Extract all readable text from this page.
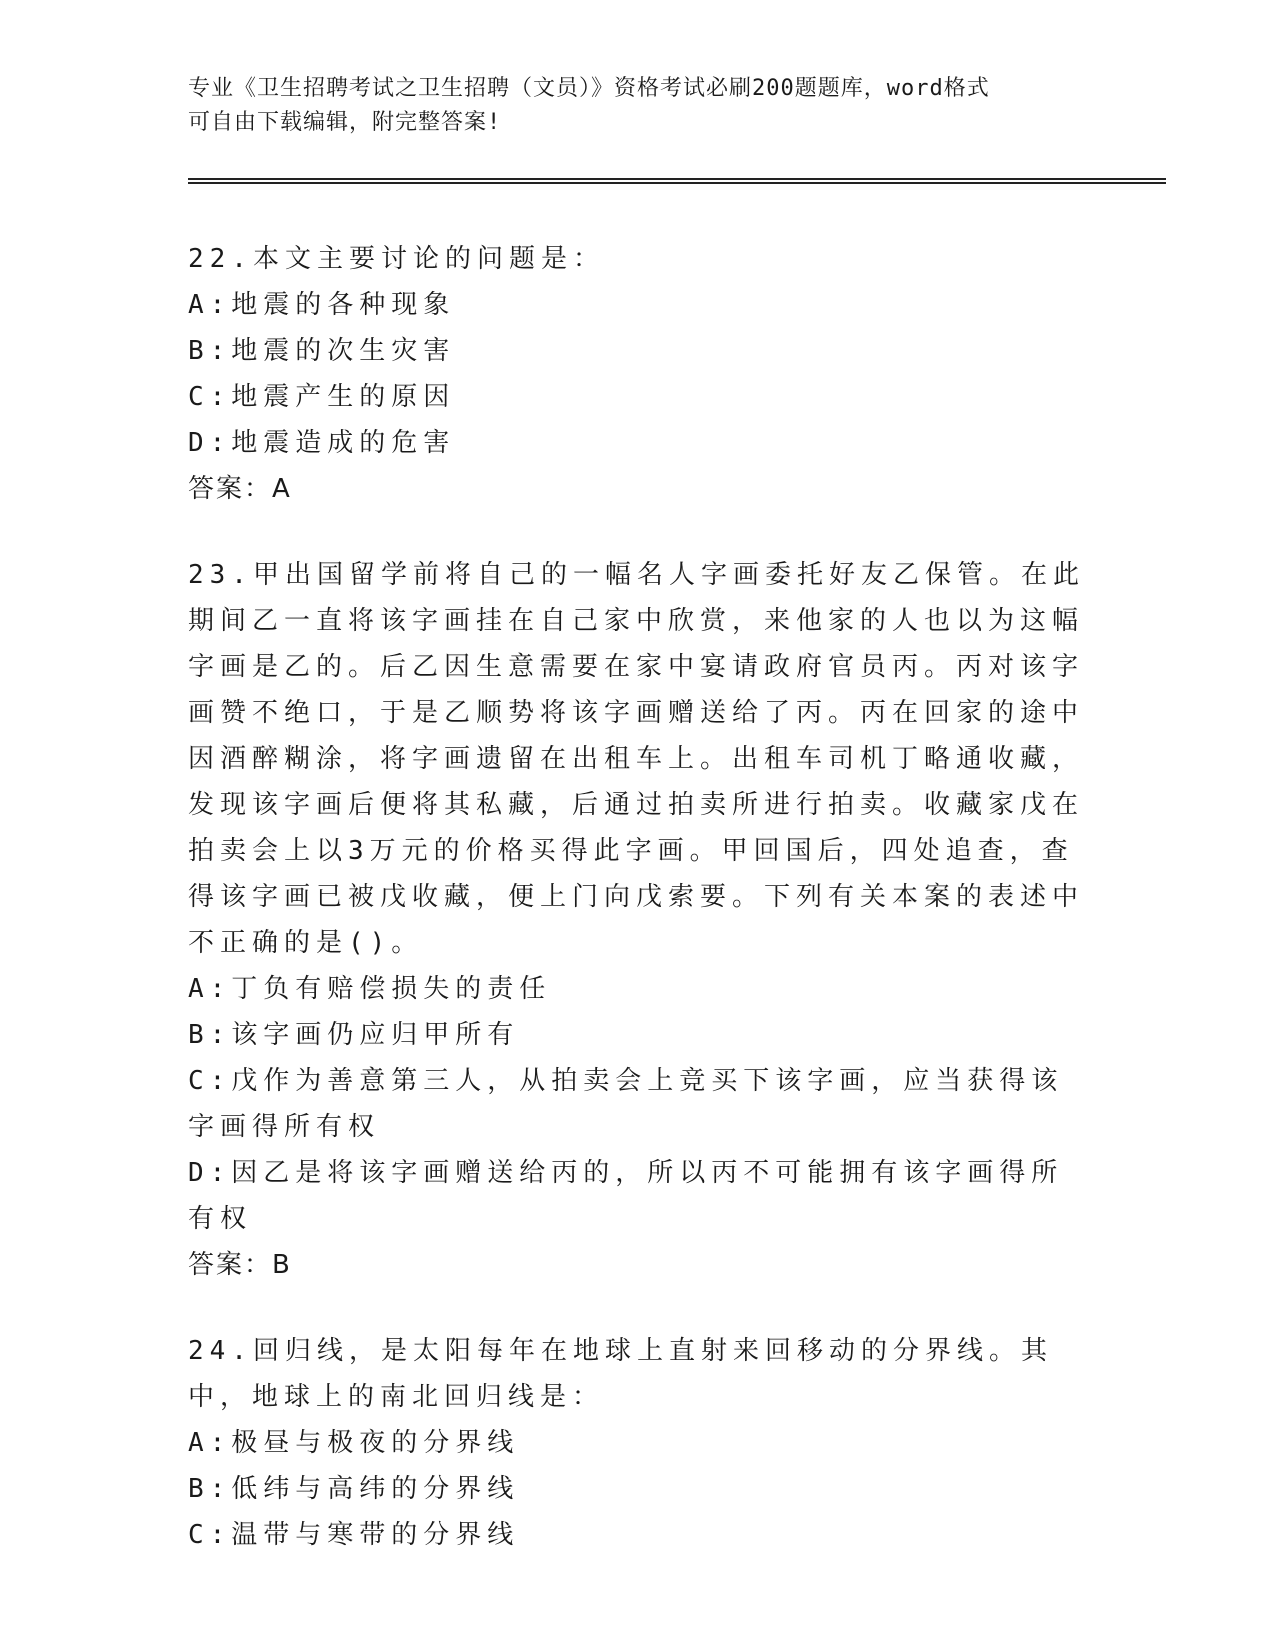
专业《卫生招聘考试之卫生招聘（文员）》资格考试必刷200题题库，word格式
可自由下载编辑，附完整答案!
22.本文主要讨论的问题是：
A:地震的各种现象
B:地震的次生灾害
C:地震产生的原因
D:地震造成的危害
答案：A
23.甲出国留学前将自己的一幅名人字画委托好友乙保管。在此期间乙一直将该字画挂在自己家中欣赏，来他家的人也以为这幅字画是乙的。后乙因生意需要在家中宴请政府官员丙。丙对该字画赞不绝口，于是乙顺势将该字画赠送给了丙。丙在回家的途中因酒醉糊涂，将字画遗留在出租车上。出租车司机丁略通收藏，发现该字画后便将其私藏，后通过拍卖所进行拍卖。收藏家戊在拍卖会上以3万元的价格买得此字画。甲回国后，四处追查，查得该字画已被戊收藏，便上门向戊索要。下列有关本案的表述中不正确的是()。
A:丁负有赔偿损失的责任
B:该字画仍应归甲所有
C:戊作为善意第三人，从拍卖会上竞买下该字画，应当获得该字画得所有权
D:因乙是将该字画赠送给丙的，所以丙不可能拥有该字画得所有权
答案：B
24.回归线，是太阳每年在地球上直射来回移动的分界线。其中，地球上的南北回归线是：
A:极昼与极夜的分界线
B:低纬与高纬的分界线
C:温带与寒带的分界线
